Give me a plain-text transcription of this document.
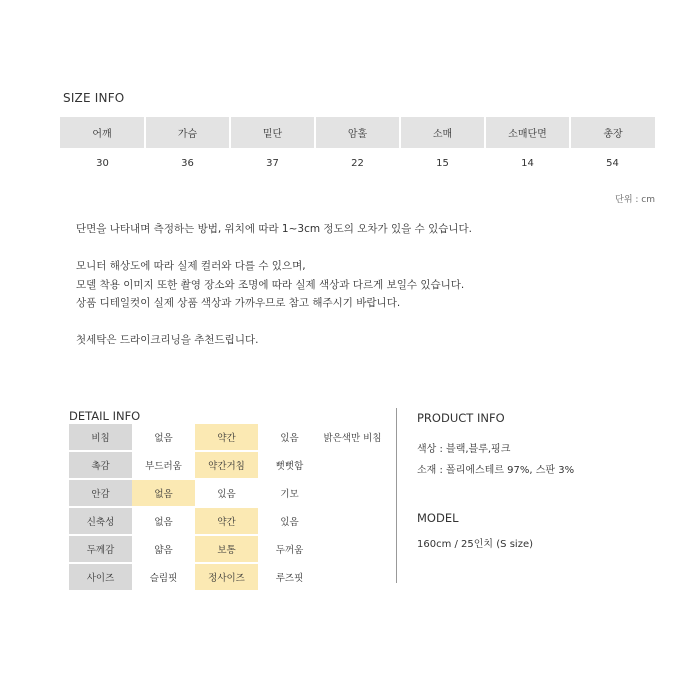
SIZE INFO
어깨	가슴	밑단	암홀	소매	소매단면	총장
30	36	37	22	15	14	54
단위 : cm

단면을 나타내며 측정하는 방법, 위치에 따라 1~3cm 정도의 오차가 있을 수 있습니다.

모니터 해상도에 따라 실제 컬러와 다를 수 있으며,

모델 착용 이미지 또한 촬영 장소와 조명에 따라 실제 색상과 다르게 보일수 있습니다.

상품 디테일컷이 실제 상품 색상과 가까우므로 참고 해주시기 바랍니다.

첫세탁은 드라이크리닝을 추천드립니다.

DETAIL INFO
비침	없음	약간	있음	밝은색만 비침
촉감	부드러움	약간거침	뻣뻣함	
안감	없음	있음	기모	
신축성	없음	약간	있음	
두께감	얇음	보통	두꺼움	
사이즈	슬림핏	정사이즈	루즈핏	
PRODUCT INFO
색상 : 블랙,블루,핑크
소재 : 폴리에스테르 97%, 스판 3%
MODEL
160cm / 25인치 (S size)
